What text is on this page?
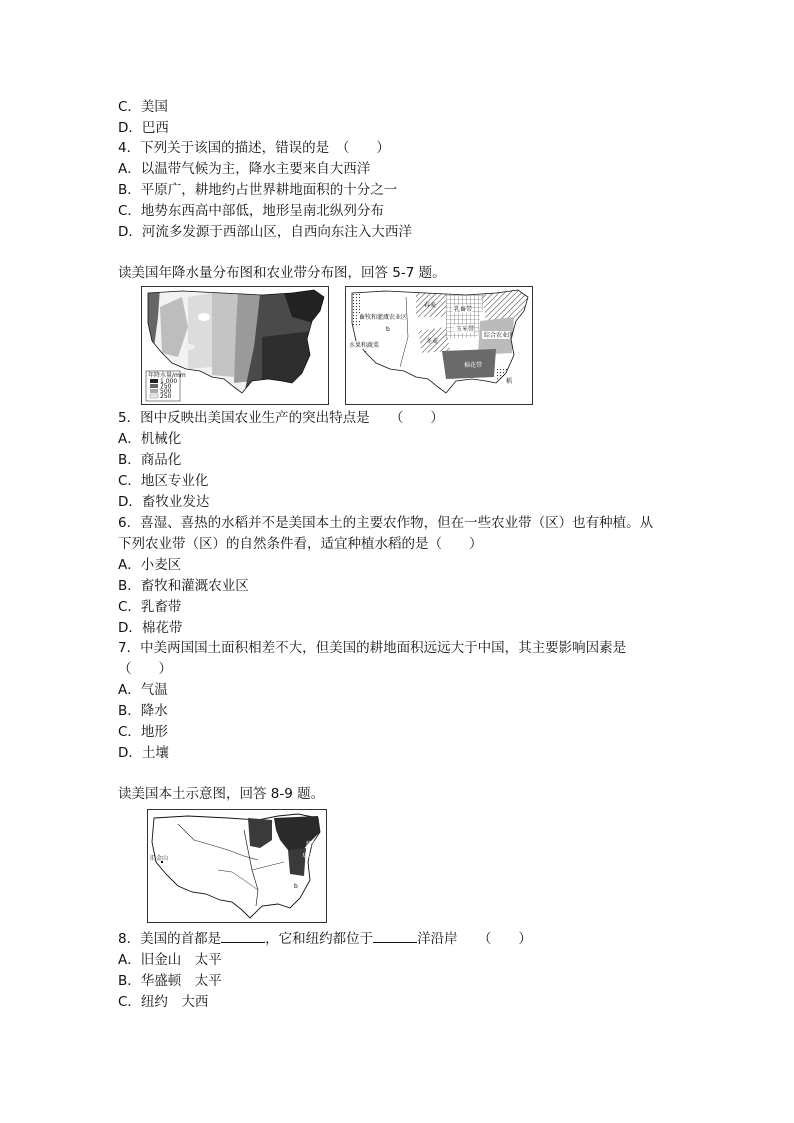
C．美国
D．巴西
4．下列关于该国的描述，错误的是　（　　）
A．以温带气候为主，降水主要来自大西洋
B．平原广，耕地约占世界耕地面积的十分之一
C．地势东西高中部低，地形呈南北纵列分布
D．河流多发源于西部山区，自西向东注入大西洋
读美国年降水量分布图和农业带分布图，回答 5-7 题。
年降水量/mm
1 000
750
500
250
畜牧和灌溉农业区
春麦
冬麦
乳畜带
玉米带
综合农业区
棉花带
水果和蔬菜
稻
b
5．图中反映出美国农业生产的突出特点是　　（　　）
A．机械化
B．商品化
C．地区专业化
D．畜牧业发达
6．喜湿、喜热的水稻并不是美国本土的主要农作物，但在一些农业带（区）也有种植。从
下列农业带（区）的自然条件看，适宜种植水稻的是（　　）
A．小麦区
B．畜牧和灌溉农业区
C．乳畜带
D．棉花带
7．中美两国国土面积相差不大，但美国的耕地面积远远大于中国，其主要影响因素是
（　　）
A．气温
B．降水
C．地形
D．土壤
读美国本土示意图，回答 8-9 题。
旧金山
纽约
华盛顿
b
8．美国的首都是	，它和纽约都位于	洋沿岸　　（　　）
A．旧金山　太平
B．华盛顿　太平
C．纽约　大西
